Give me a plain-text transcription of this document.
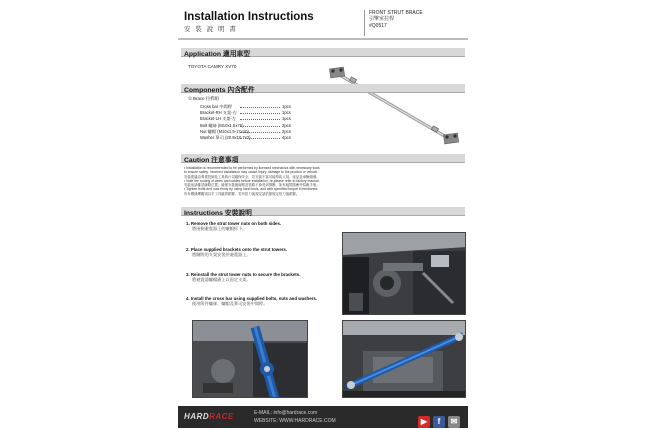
Installation Instructions
安 裝 說 明 書
FRONT STRUT BRACE
引擎室拉桿
#Q0517
Application 適用車型
TOYOTA CAMRY XV70
Components 內含配件
① Brace 拉桿組
Cross bar 中間桿	1pcs
Bracket-RH 支架-右	1pcs
Bracket-LH 支架-左	1pcs
Bolt 螺絲 (M10x1.5x75)	2pcs
Nut 螺帽 (M10x1.5-17x10)	2pcs
Washer 華司 (20.8x10.7x2)	4pcs
Caution 注意事項
• Installation is recommended to be performed by licensed mechanics with necessary tools
to ensure safety. Incorrect installation may cause injury, damage to the product or vehicle.
安裝建議由專業技師及工具執行以確保安全，若安裝不當可能導致人員、產品及車輛損傷。
• Note the routing of wires and cables before installation, re-please refer to factory manual.
安裝前請確認線路位置，確保安裝後線路及管路不會受到擠壓，如有疑問請參考原廠手冊。
• Tighten bolts and nuts firmly by using hand tools, and with specified torque if mentioned.
所有螺絲螺帽須以手工具確實鎖緊，若有扭力值規定請依照規定扭力值鎖緊。
Instructions 安裝說明
1. Remove the strut tower nuts on both sides.
將兩側避震器上的螺帽拆下。
2. Place supplied brackets onto the strut towers.
將隨附的支架安裝於避震器上。
3. Reinstall the strut tower nuts to secure the brackets.
將避震器螺帽鎖上以固定支架。
4. Install the cross bar using supplied bolts, nuts and washers.
使用附件螺絲、螺帽及華司安裝中間桿。
HARDRACE	E-MAIL: info@hardrace.com
WEBSITE: WWW.HARDRACE.COM	▶ f ✉
